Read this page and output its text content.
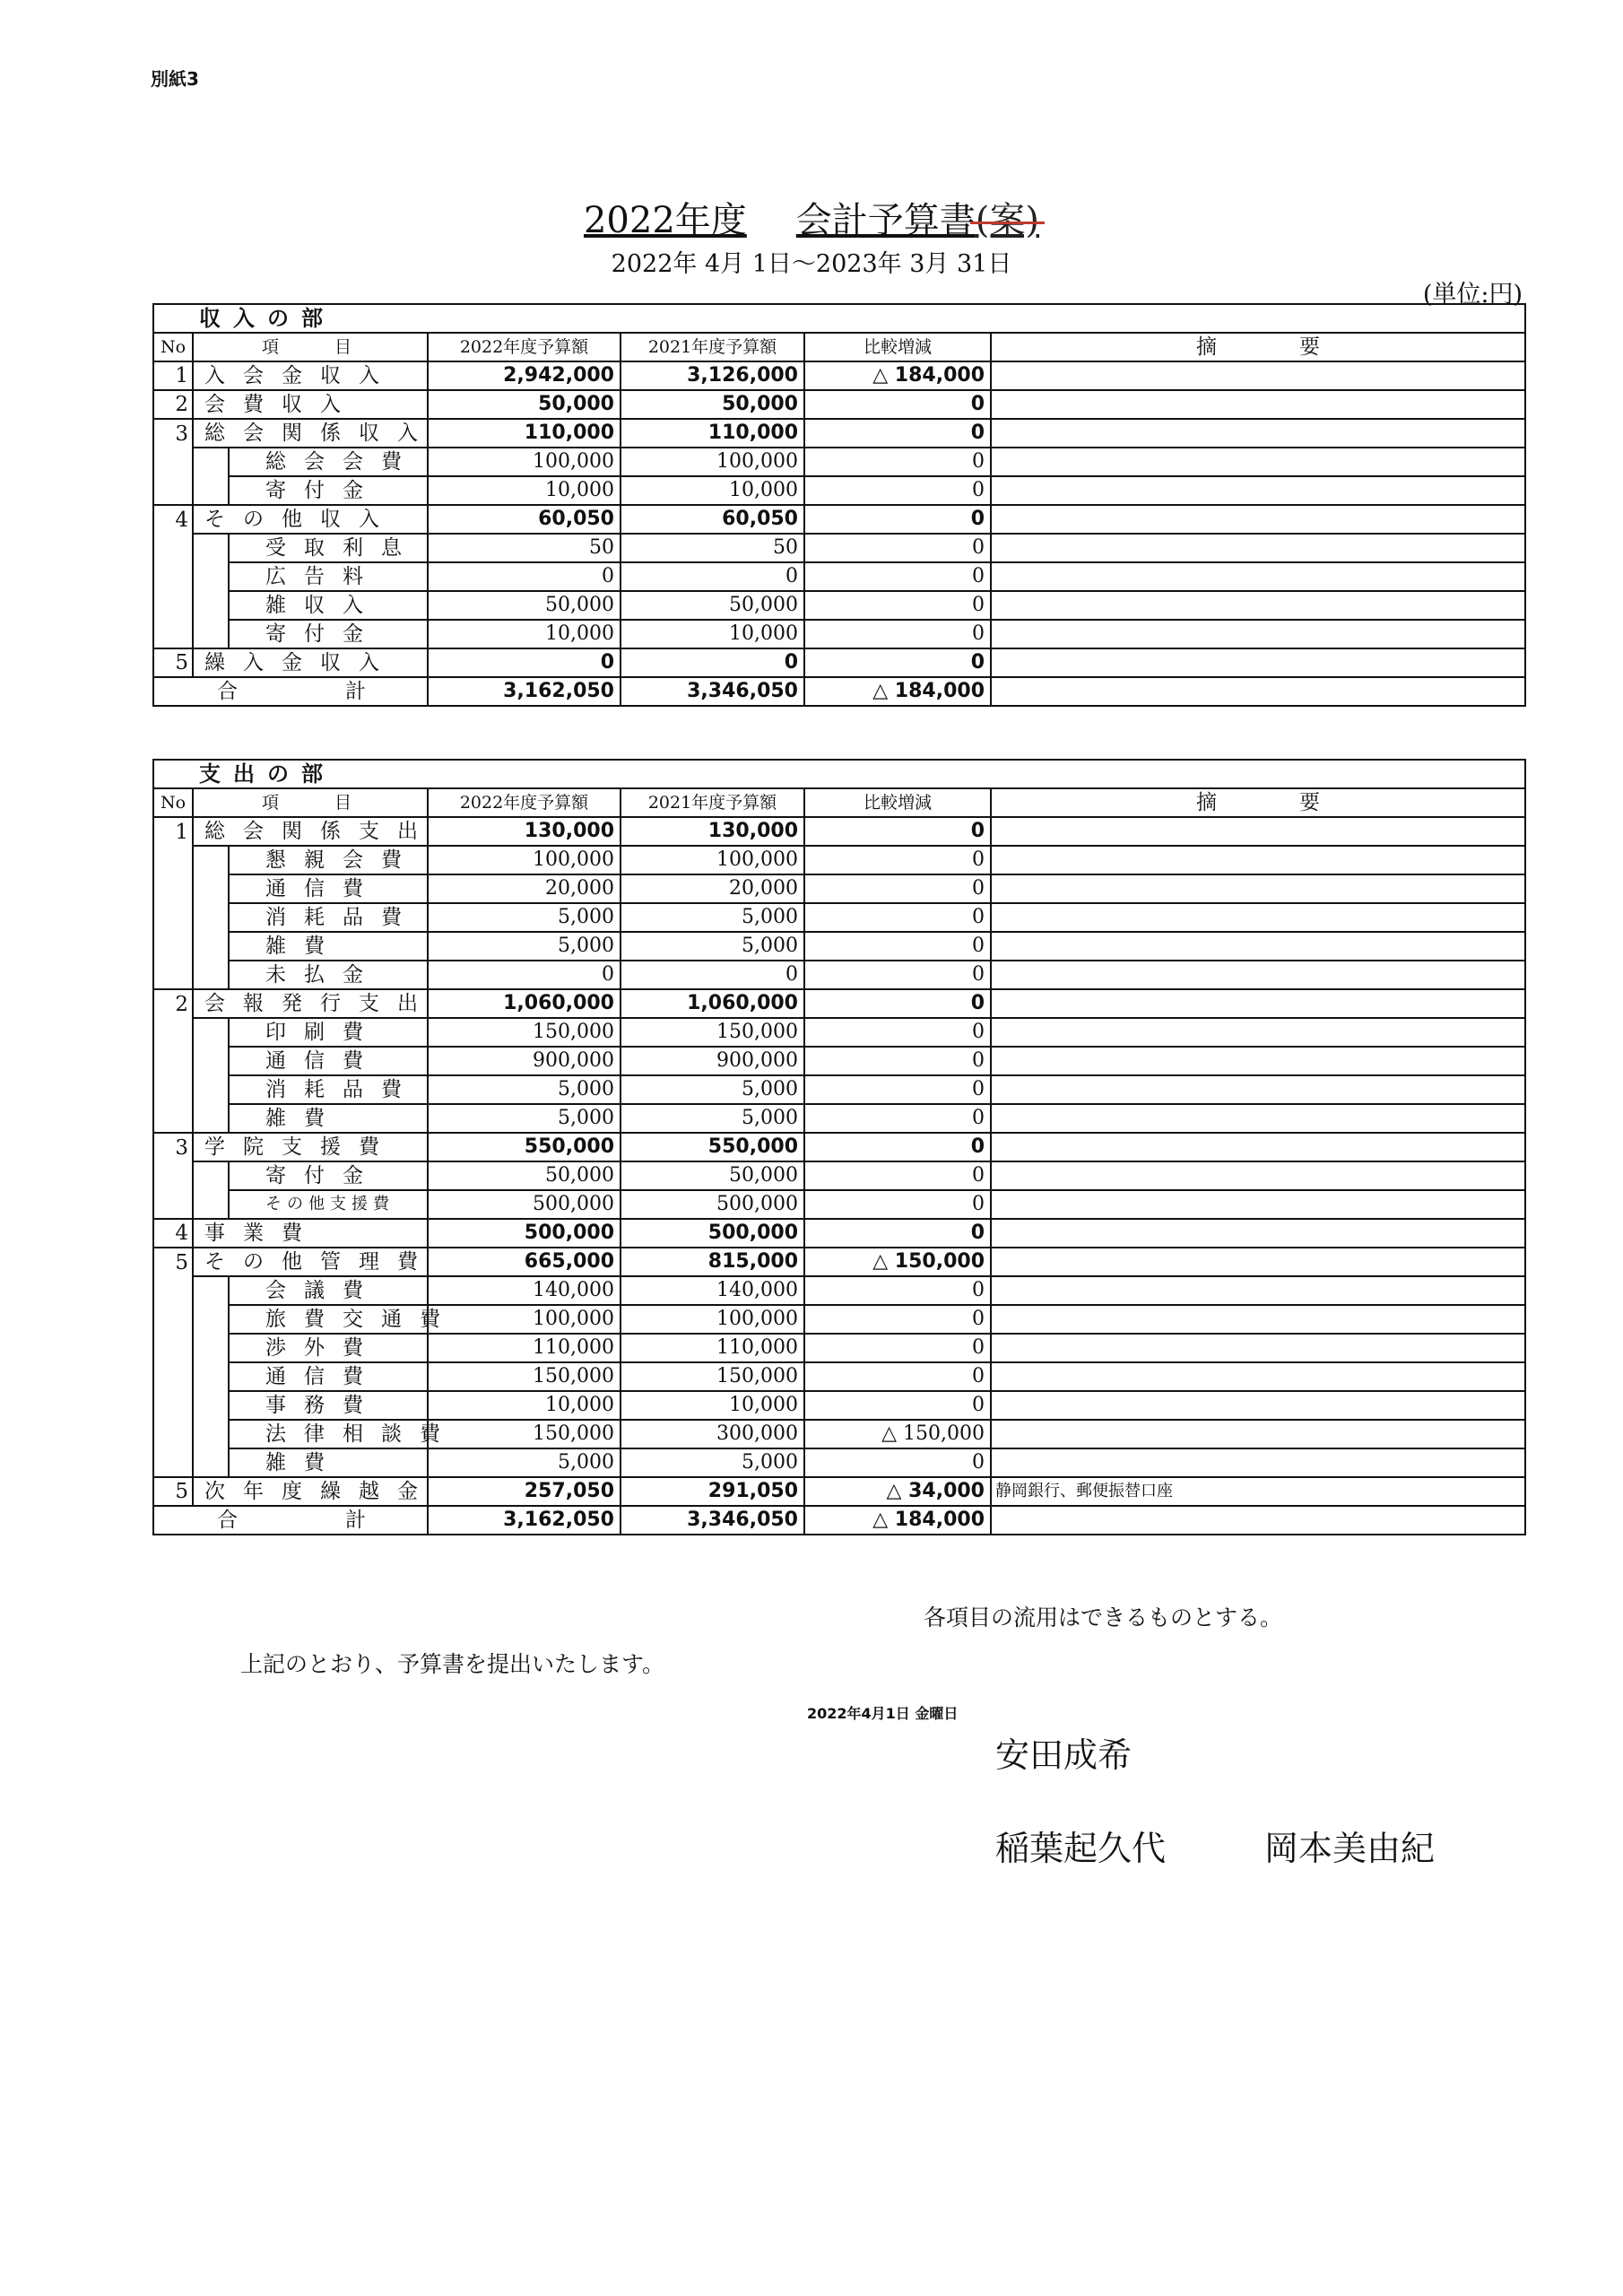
別紙3
2022年度 会計予算書(案)
2022年 4月 1日～2023年 3月 31日
(単位:円)
収入の部						
No	項　　目		2022年度予算額	2021年度予算額	比較増減	摘　　　　要
1	入会金収入		2,942,000	3,126,000	△ 184,000	
2	会費収入		50,000	50,000	0	
3	総会関係収入		110,000	110,000	0	
		総会会費	100,000	100,000	0	
		寄付金	10,000	10,000	0	
4	その他収入		60,050	60,050	0	
		受取利息	50	50	0	
		広告料	0	0	0	
		雑収入	50,000	50,000	0	
		寄付金	10,000	10,000	0	
5	繰入金収入		0	0	0	
合計			3,162,050	3,346,050	△ 184,000	
支出の部						
No	項　　目		2022年度予算額	2021年度予算額	比較増減	摘　　　　要
1	総会関係支出		130,000	130,000	0	
		懇親会費	100,000	100,000	0	
		通信費	20,000	20,000	0	
		消耗品費	5,000	5,000	0	
		雑費	5,000	5,000	0	
		未払金	0	0	0	
2	会報発行支出		1,060,000	1,060,000	0	
		印刷費	150,000	150,000	0	
		通信費	900,000	900,000	0	
		消耗品費	5,000	5,000	0	
		雑費	5,000	5,000	0	
3	学院支援費		550,000	550,000	0	
		寄付金	50,000	50,000	0	
		その他支援費	500,000	500,000	0	
4	事業費		500,000	500,000	0	
5	その他管理費		665,000	815,000	△ 150,000	
		会議費	140,000	140,000	0	
		旅費交通費	100,000	100,000	0	
		渉外費	110,000	110,000	0	
		通信費	150,000	150,000	0	
		事務費	10,000	10,000	0	
		法律相談費	150,000	300,000	△ 150,000	
		雑費	5,000	5,000	0	
5	次年度繰越金		257,050	291,050	△ 34,000	静岡銀行、郵便振替口座
合計			3,162,050	3,346,050	△ 184,000	
各項目の流用はできるものとする。
上記のとおり、予算書を提出いたします。
2022年4月1日 金曜日
安田成希
稲葉起久代	岡本美由紀
